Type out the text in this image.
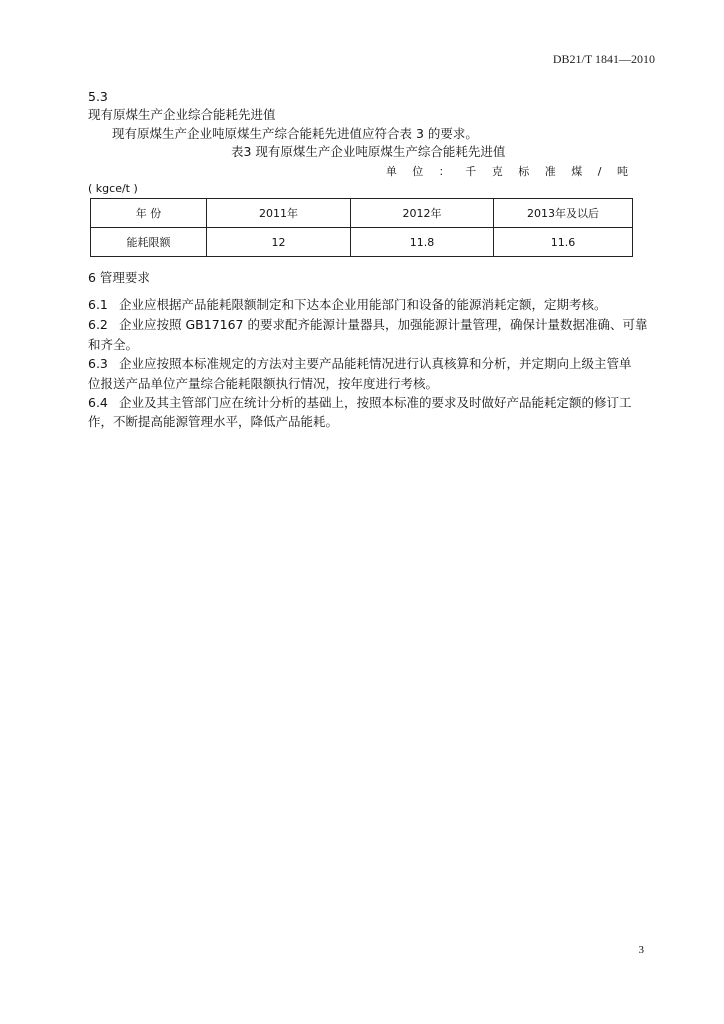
DB21/T 1841—2010
5.3
现有原煤生产企业综合能耗先进值
现有原煤生产企业吨原煤生产综合能耗先进值应符合表 3 的要求。
表3 现有原煤生产企业吨原煤生产综合能耗先进值
单 位 ： 千 克 标 准 煤 / 吨
( kgce/t )
年 份	2011年	2012年	2013年及以后
能耗限额	12	11.8	11.6
6 管理要求
6.1 企业应根据产品能耗限额制定和下达本企业用能部门和设备的能源消耗定额，定期考核。
6.2 企业应按照 GB17167 的要求配齐能源计量器具，加强能源计量管理，确保计量数据准确、可靠
和齐全。
6.3 企业应按照本标准规定的方法对主要产品能耗情况进行认真核算和分析，并定期向上级主管单
位报送产品单位产量综合能耗限额执行情况，按年度进行考核。
6.4 企业及其主管部门应在统计分析的基础上，按照本标准的要求及时做好产品能耗定额的修订工
作，不断提高能源管理水平，降低产品能耗。
3
